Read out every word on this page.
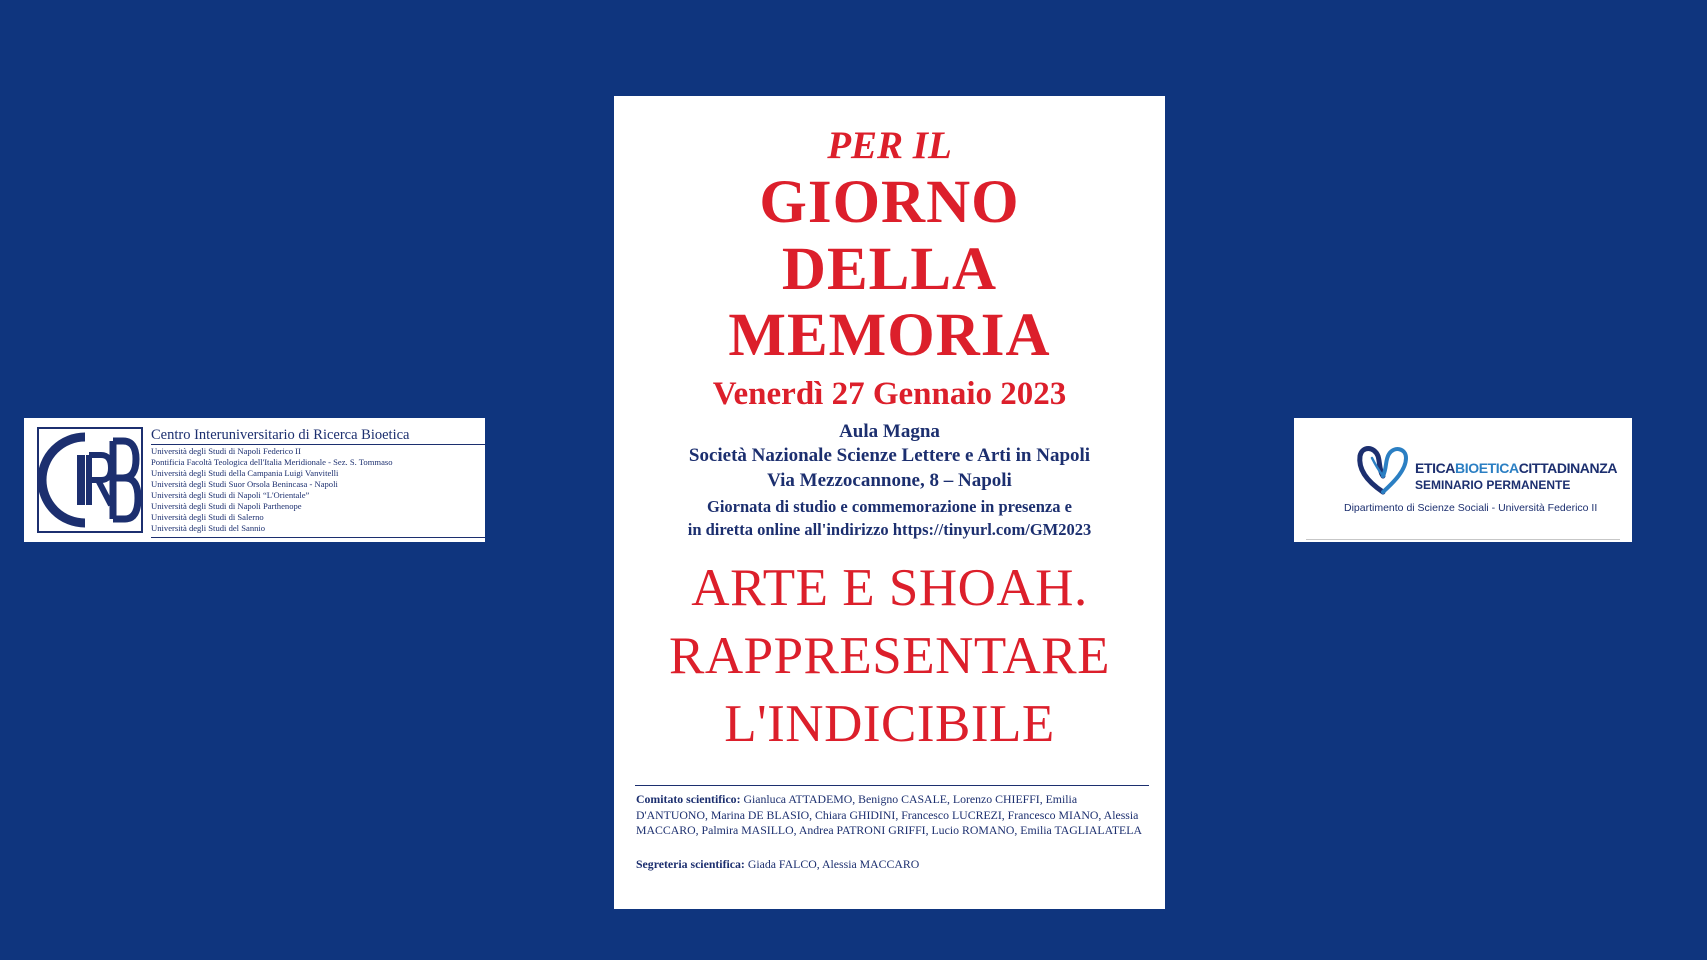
Centro Interuniversitario di Ricerca Bioetica
Università degli Studi di Napoli Federico II
Pontificia Facoltà Teologica dell'Italia Meridionale - Sez. S. Tommaso
Università degli Studi della Campania Luigi Vanvitelli
Università degli Studi Suor Orsola Benincasa - Napoli
Università degli Studi di Napoli “L'Orientale”
Università degli Studi di Napoli Parthenope
Università degli Studi di Salerno
Università degli Studi del Sannio
PER IL
GIORNO
DELLA
MEMORIA
Venerdì 27 Gennaio 2023
Aula Magna
Società Nazionale Scienze Lettere e Arti in Napoli
Via Mezzocannone, 8 – Napoli
Giornata di studio e commemorazione in presenza e
in diretta online all'indirizzo https://tinyurl.com/GM2023
ARTE E SHOAH.
RAPPRESENTARE
L'INDICIBILE
Comitato scientifico: Gianluca ATTADEMO, Benigno CASALE, Lorenzo CHIEFFI, Emilia D'ANTUONO, Marina DE BLASIO, Chiara GHIDINI, Francesco LUCREZI, Francesco MIANO, Alessia MACCARO, Palmira MASILLO, Andrea PATRONI GRIFFI, Lucio ROMANO, Emilia TAGLIALATELA
Segreteria scientifica: Giada FALCO, Alessia MACCARO
ETICABIOETICACITTADINANZA
SEMINARIO PERMANENTE
Dipartimento di Scienze Sociali - Università Federico II
